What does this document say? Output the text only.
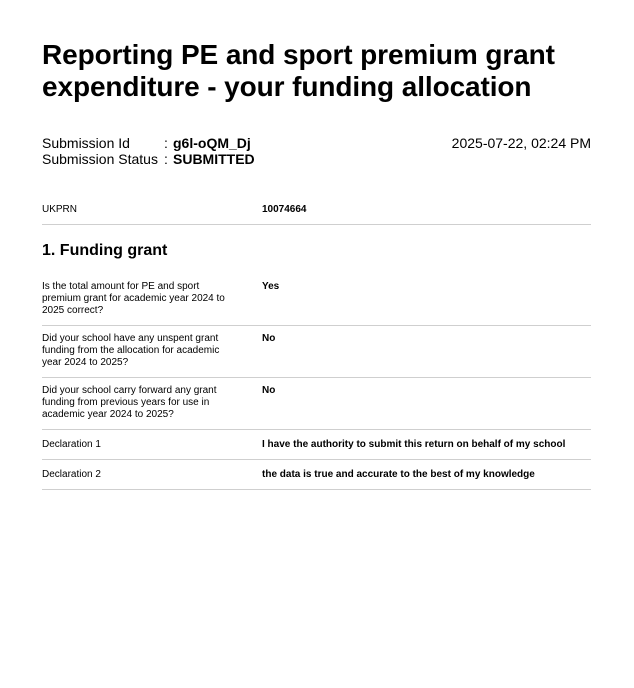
Reporting PE and sport premium grant expenditure - your funding allocation
Submission Id	: g6l-oQM_Dj
Submission Status : SUBMITTED
2025-07-22, 02:24 PM
UKPRN	10074664
1. Funding grant
Is the total amount for PE and sport premium grant for academic year 2024 to 2025 correct?
Yes
Did your school have any unspent grant funding from the allocation for academic year 2024 to 2025?
No
Did your school carry forward any grant funding from previous years for use in academic year 2024 to 2025?
No
Declaration 1	I have the authority to submit this return on behalf of my school
Declaration 2	the data is true and accurate to the best of my knowledge
